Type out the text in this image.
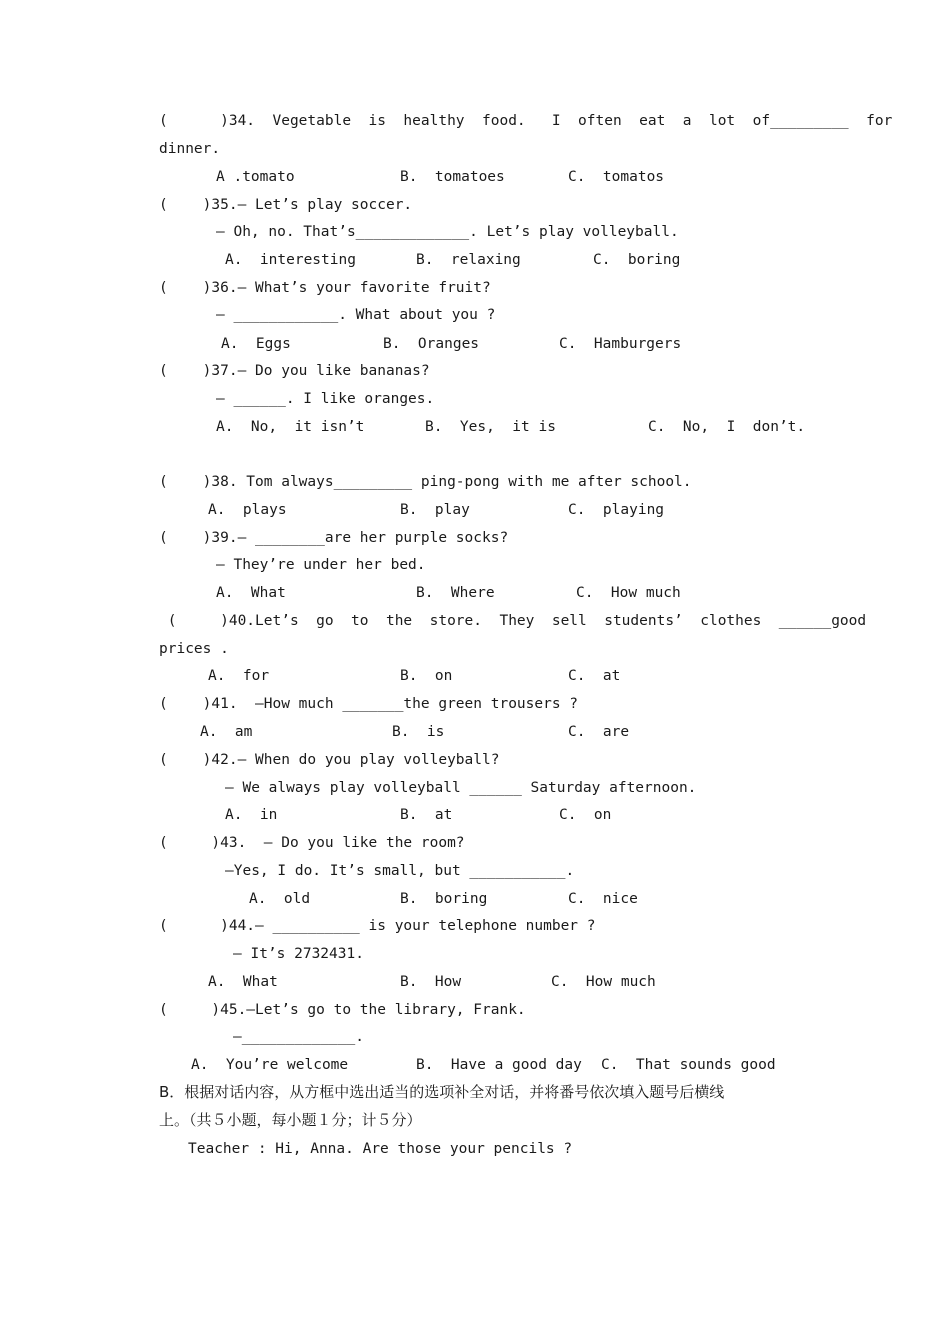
(      )34.  Vegetable  is  healthy  food.   I  often  eat  a  lot  of_________  for
dinner.
A .tomato	B.  tomatoes	C.  tomatos
(    )35.— Let’s play soccer.
— Oh, no. That’s_____________. Let’s play volleyball.
A.  interesting	B.  relaxing	C.  boring
(    )36.— What’s your favorite fruit?
— ____________. What about you ?
A.  Eggs	B.  Oranges	C.  Hamburgers
(    )37.— Do you like bananas?
— ______. I like oranges.
A.  No,  it isn’t	B.  Yes,  it is	C.  No,  I  don’t.
(    )38. Tom always_________ ping-pong with me after school.
A.  plays	B.  play	C.  playing
(    )39.— ________are her purple socks?
— They’re under her bed.
A.  What	B.  Where	C.  How much
(     )40.Let’s  go  to  the  store.  They  sell  students’  clothes  ______good
prices .
A.  for	B.  on	C.  at
(    )41.  —How much _______the green trousers ?
A.  am	B.  is	C.  are
(    )42.— When do you play volleyball?
— We always play volleyball ______ Saturday afternoon.
A.  in	B.  at	C.  on
(     )43.  — Do you like the room?
—Yes, I do. It’s small, but ___________.
A.  old	B.  boring	C.  nice
(      )44.— __________ is your telephone number ?
— It’s 2732431.
A.  What	B.  How	C.  How much
(     )45.—Let’s go to the library, Frank.
—_____________.
A.  You’re welcome	B.  Have a good day C.  That sounds good
B．根据对话内容，从方框中选出适当的选项补全对话，并将番号依次填入题号后横线
上。（共５小题，每小题１分；计５分）
Teacher : Hi, Anna. Are those your pencils ?
